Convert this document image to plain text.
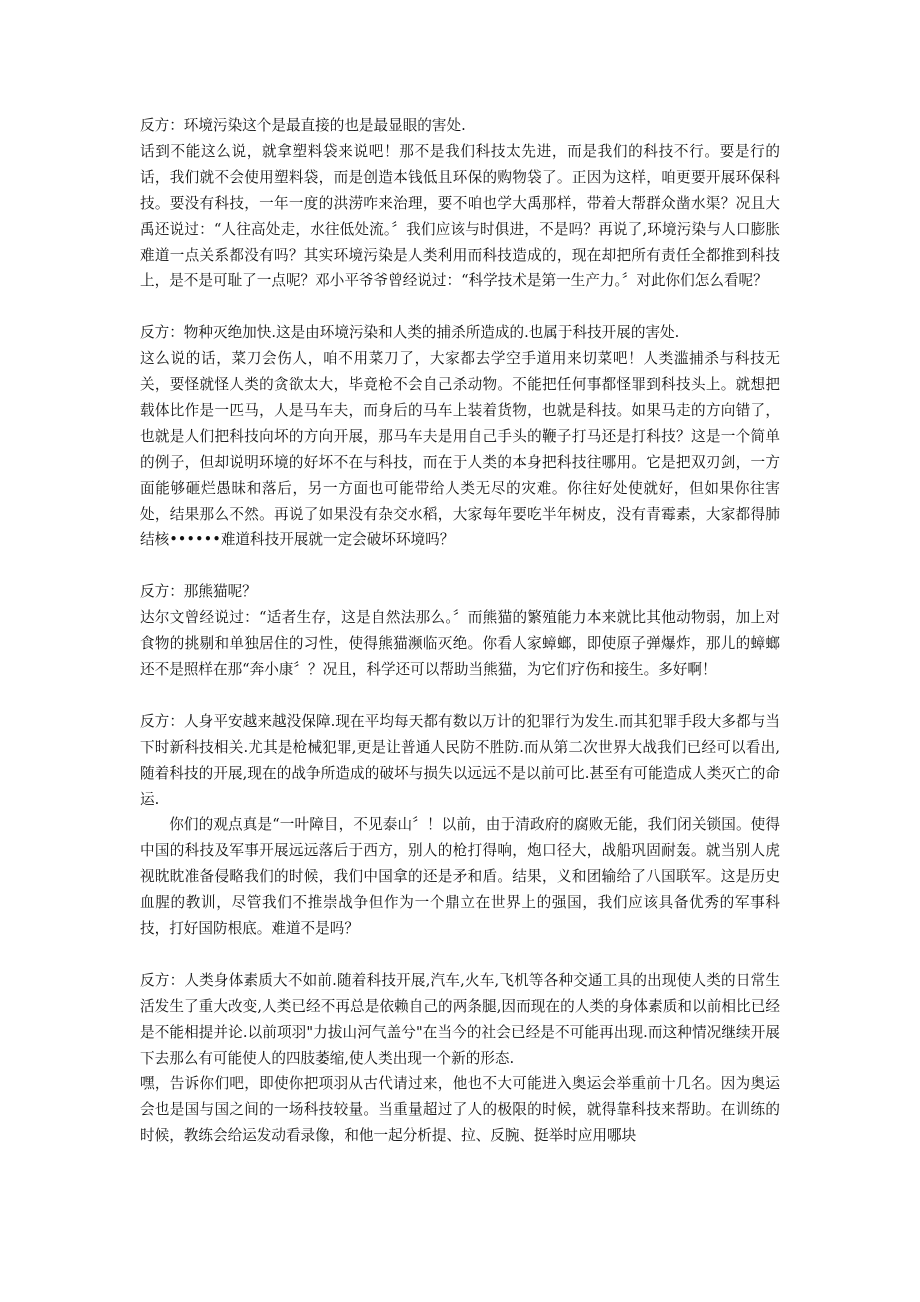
反方：环境污染这个是最直接的也是最显眼的害处.

话到不能这么说，就拿塑料袋来说吧！那不是我们科技太先进，而是我们的科技不行。要是行的话，我们就不会使用塑料袋，而是创造本钱低且环保的购物袋了。正因为这样，咱更要开展环保科技。要没有科技，一年一度的洪涝咋来治理，要不咱也学大禹那样，带着大帮群众凿水渠？况且大禹还说过：“人往高处走，水往低处流。〞我们应该与时俱进，不是吗？再说了,环境污染与人口膨胀难道一点关系都没有吗？其实环境污染是人类利用而科技造成的，现在却把所有责任全都推到科技上，是不是可耻了一点呢？邓小平爷爷曾经说过：“科学技术是第一生产力。〞对此你们怎么看呢？

反方：物种灭绝加快.这是由环境污染和人类的捕杀所造成的.也属于科技开展的害处.

这么说的话，菜刀会伤人，咱不用菜刀了，大家都去学空手道用来切菜吧！人类滥捕杀与科技无关，要怪就怪人类的贪欲太大，毕竟枪不会自己杀动物。不能把任何事都怪罪到科技头上。就想把载体比作是一匹马，人是马车夫，而身后的马车上装着货物，也就是科技。如果马走的方向错了，也就是人们把科技向坏的方向开展，那马车夫是用自己手头的鞭子打马还是打科技？这是一个简单的例子，但却说明环境的好坏不在与科技，而在于人类的本身把科技往哪用。它是把双刃剑，一方面能够砸烂愚昧和落后，另一方面也可能带给人类无尽的灾难。你往好处使就好，但如果你往害处，结果那么不然。再说了如果没有杂交水稻，大家每年要吃半年树皮，没有青霉素，大家都得肺结核••••••难道科技开展就一定会破坏环境吗？

反方：那熊猫呢？

达尔文曾经说过：“适者生存，这是自然法那么。〞而熊猫的繁殖能力本来就比其他动物弱，加上对食物的挑剔和单独居住的习性，使得熊猫濒临灭绝。你看人家蟑螂，即使原子弹爆炸，那儿的蟑螂还不是照样在那“奔小康〞？况且，科学还可以帮助当熊猫，为它们疗伤和接生。多好啊！

反方：人身平安越来越没保障.现在平均每天都有数以万计的犯罪行为发生.而其犯罪手段大多都与当下时新科技相关.尤其是枪械犯罪,更是让普通人民防不胜防.而从第二次世界大战我们已经可以看出,随着科技的开展,现在的战争所造成的破坏与损失以远远不是以前可比.甚至有可能造成人类灭亡的命运.

你们的观点真是“一叶障目，不见泰山〞！以前，由于清政府的腐败无能，我们闭关锁国。使得中国的科技及军事开展远远落后于西方，别人的枪打得响，炮口径大，战船巩固耐轰。就当别人虎视眈眈准备侵略我们的时候，我们中国拿的还是矛和盾。结果，义和团输给了八国联军。这是历史血腥的教训，尽管我们不推崇战争但作为一个鼎立在世界上的强国，我们应该具备优秀的军事科技，打好国防根底。难道不是吗？

反方：人类身体素质大不如前.随着科技开展,汽车,火车,飞机等各种交通工具的出现使人类的日常生活发生了重大改变,人类已经不再总是依赖自己的两条腿,因而现在的人类的身体素质和以前相比已经是不能相提并论.以前项羽"力拔山河气盖兮"在当今的社会已经是不可能再出现.而这种情况继续开展下去那么有可能使人的四肢萎缩,使人类出现一个新的形态.

嘿，告诉你们吧，即使你把项羽从古代请过来，他也不大可能进入奥运会举重前十几名。因为奥运会也是国与国之间的一场科技较量。当重量超过了人的极限的时候，就得靠科技来帮助。在训练的时候，教练会给运发动看录像，和他一起分析提、拉、反腕、挺举时应用哪块
